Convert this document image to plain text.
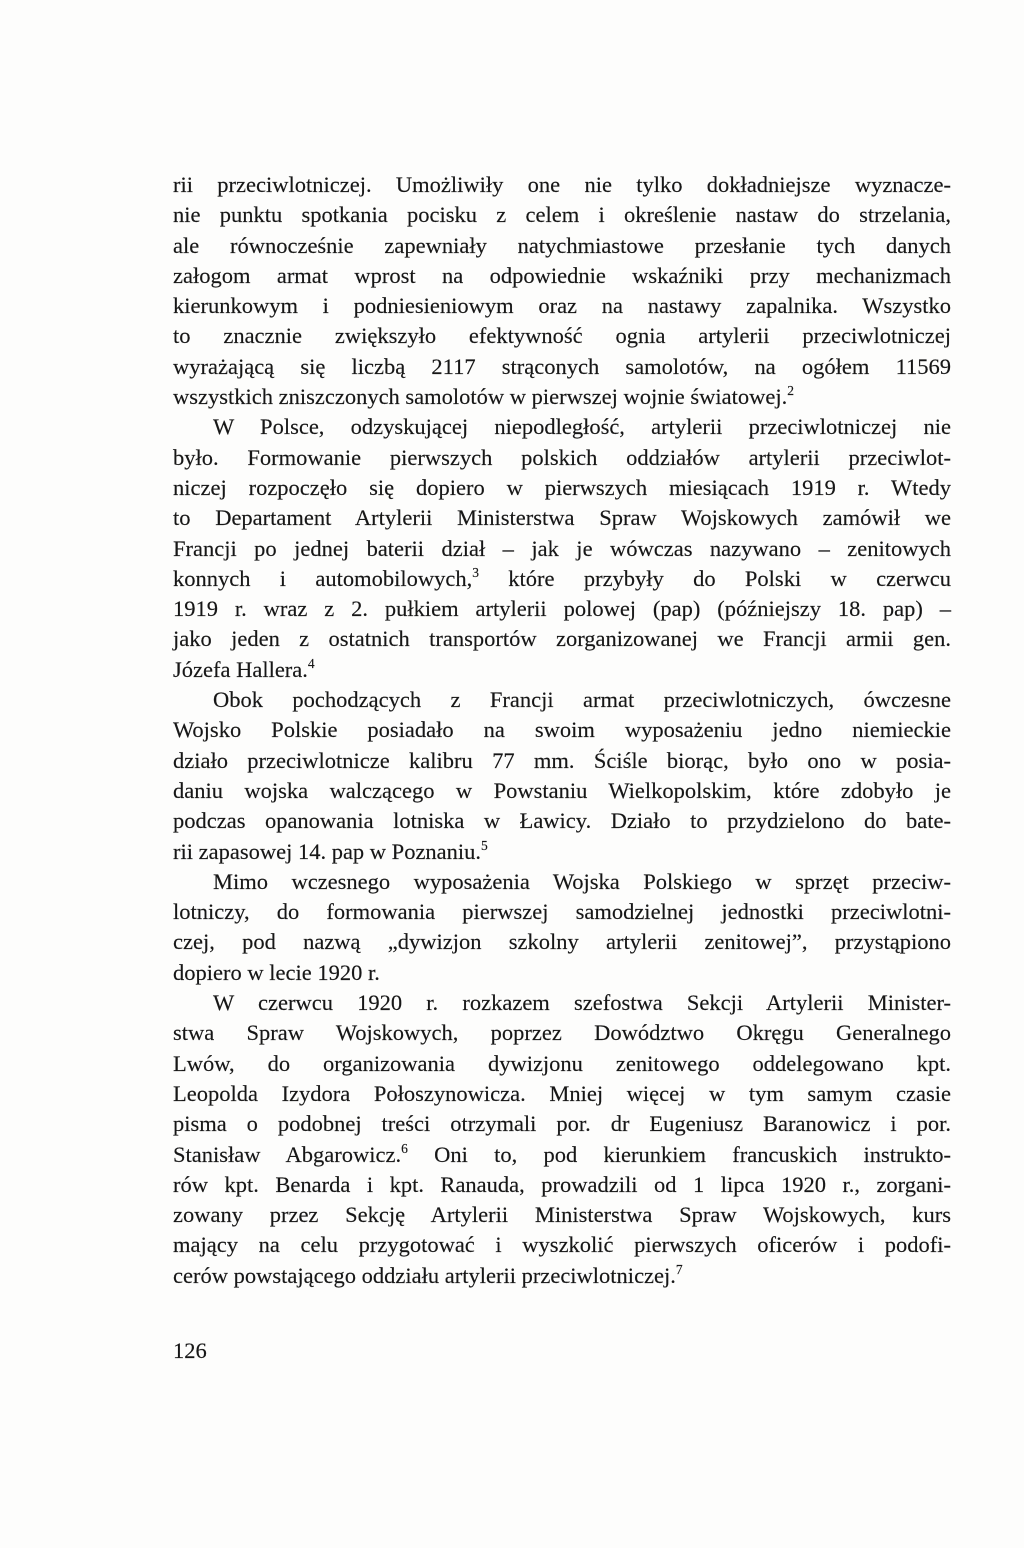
rii przeciwlotniczej. Umożliwiły one nie tylko dokładniejsze wyznacze-
nie punktu spotkania pocisku z celem i określenie nastaw do strzelania,
ale równocześnie zapewniały natychmiastowe przesłanie tych danych
załogom armat wprost na odpowiednie wskaźniki przy mechanizmach
kierunkowym i podniesieniowym oraz na nastawy zapalnika. Wszystko
to znacznie zwiększyło efektywność ognia artylerii przeciwlotniczej
wyrażającą się liczbą 2117 strąconych samolotów, na ogółem 11569
wszystkich zniszczonych samolotów w pierwszej wojnie światowej.$^2$
W Polsce, odzyskującej niepodległość, artylerii przeciwlotniczej nie
było. Formowanie pierwszych polskich oddziałów artylerii przeciwlot-
niczej rozpoczęło się dopiero w pierwszych miesiącach 1919 r. Wtedy
to Departament Artylerii Ministerstwa Spraw Wojskowych zamówił we
Francji po jednej baterii dział – jak je wówczas nazywano – zenitowych
konnych i automobilowych,$^3$ które przybyły do Polski w czerwcu
1919 r. wraz z 2. pułkiem artylerii polowej (pap) (późniejszy 18. pap) –
jako jeden z ostatnich transportów zorganizowanej we Francji armii gen.
Józefa Hallera.$^4$
Obok pochodzących z Francji armat przeciwlotniczych, ówczesne
Wojsko Polskie posiadało na swoim wyposażeniu jedno niemieckie
działo przeciwlotnicze kalibru 77 mm. Ściśle biorąc, było ono w posia-
daniu wojska walczącego w Powstaniu Wielkopolskim, które zdobyło je
podczas opanowania lotniska w Ławicy. Działo to przydzielono do bate-
rii zapasowej 14. pap w Poznaniu.$^5$
Mimo wczesnego wyposażenia Wojska Polskiego w sprzęt przeciw-
lotniczy, do formowania pierwszej samodzielnej jednostki przeciwlotni-
czej, pod nazwą „dywizjon szkolny artylerii zenitowej”, przystąpiono
dopiero w lecie 1920 r.
W czerwcu 1920 r. rozkazem szefostwa Sekcji Artylerii Minister-
stwa Spraw Wojskowych, poprzez Dowództwo Okręgu Generalnego
Lwów, do organizowania dywizjonu zenitowego oddelegowano kpt.
Leopolda Izydora Połoszynowicza. Mniej więcej w tym samym czasie
pisma o podobnej treści otrzymali por. dr Eugeniusz Baranowicz i por.
Stanisław Abgarowicz.$^6$ Oni to, pod kierunkiem francuskich instrukto-
rów kpt. Benarda i kpt. Ranauda, prowadzili od 1 lipca 1920 r., zorgani-
zowany przez Sekcję Artylerii Ministerstwa Spraw Wojskowych, kurs
mający na celu przygotować i wyszkolić pierwszych oficerów i podofi-
cerów powstającego oddziału artylerii przeciwlotniczej.$^7$
126
